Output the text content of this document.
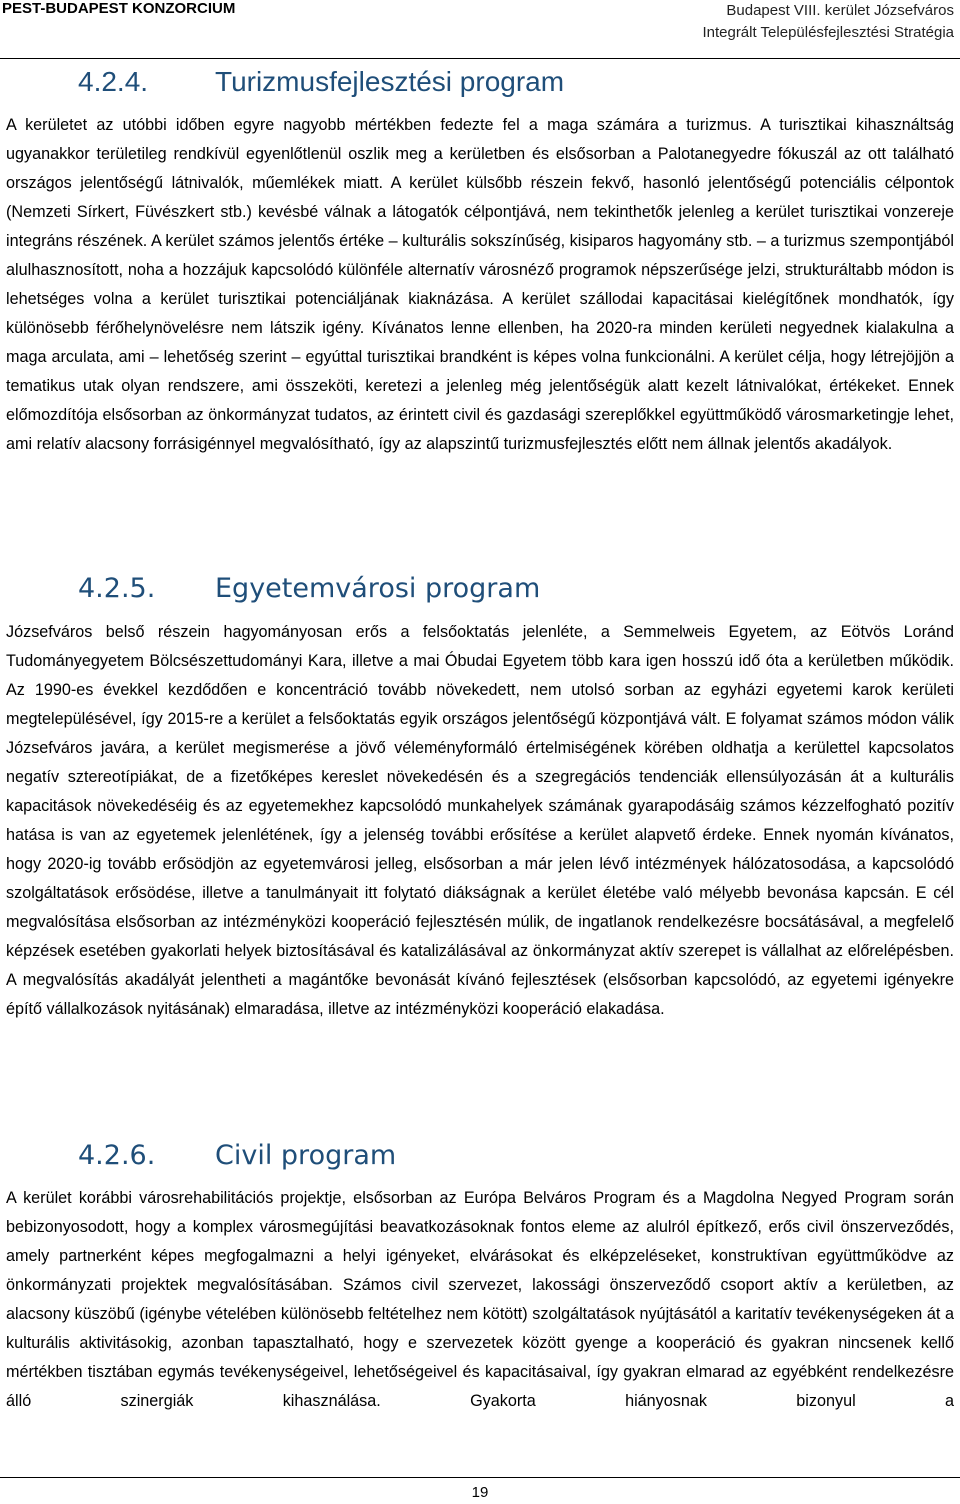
PEST-BUDAPEST KONZORCIUM	Budapest VIII. kerület Józsefváros
Integrált Településfejlesztési Stratégia
4.2.4. Turizmusfejlesztési program
A kerületet az utóbbi időben egyre nagyobb mértékben fedezte fel a maga számára a turizmus. A turisztikai kihasználtság ugyanakkor területileg rendkívül egyenlőtlenül oszlik meg a kerületben és elsősorban a Palotanegyedre fókuszál az ott található országos jelentőségű látnivalók, műemlékek miatt. A kerület külsőbb részein fekvő, hasonló jelentőségű potenciális célpontok (Nemzeti Sírkert, Füvészkert stb.) kevésbé válnak a látogatók célpontjává, nem tekinthetők jelenleg a kerület turisztikai vonzereje integráns részének. A kerület számos jelentős értéke – kulturális sokszínűség, kisiparos hagyomány stb. – a turizmus szempontjából alulhasznosított, noha a hozzájuk kapcsolódó különféle alternatív városnéző programok népszerűsége jelzi, strukturáltabb módon is lehetséges volna a kerület turisztikai potenciáljának kiaknázása. A kerület szállodai kapacitásai kielégítőnek mondhatók, így különösebb férőhelynövelésre nem látszik igény. Kívánatos lenne ellenben, ha 2020-ra minden kerületi negyednek kialakulna a maga arculata, ami – lehetőség szerint – egyúttal turisztikai brandként is képes volna funkcionálni. A kerület célja, hogy létrejöjjön a tematikus utak olyan rendszere, ami összeköti, keretezi a jelenleg még jelentőségük alatt kezelt látnivalókat, értékeket. Ennek előmozdítója elsősorban az önkormányzat tudatos, az érintett civil és gazdasági szereplőkkel együttműködő városmarketingje lehet, ami relatív alacsony forrásigénnyel megvalósítható, így az alapszintű turizmusfejlesztés előtt nem állnak jelentős akadályok.
4.2.5. Egyetemvárosi program
Józsefváros belső részein hagyományosan erős a felsőoktatás jelenléte, a Semmelweis Egyetem, az Eötvös Loránd Tudományegyetem Bölcsészettudományi Kara, illetve a mai Óbudai Egyetem több kara igen hosszú idő óta a kerületben működik. Az 1990-es évekkel kezdődően e koncentráció tovább növekedett, nem utolsó sorban az egyházi egyetemi karok kerületi megtelepülésével, így 2015-re a kerület a felsőoktatás egyik országos jelentőségű központjává vált. E folyamat számos módon válik Józsefváros javára, a kerület megismerése a jövő véleményformáló értelmiségének körében oldhatja a kerülettel kapcsolatos negatív sztereotípiákat, de a fizetőképes kereslet növekedésén és a szegregációs tendenciák ellensúlyozásán át a kulturális kapacitások növekedéséig és az egyetemekhez kapcsolódó munkahelyek számának gyarapodásáig számos kézzelfogható pozitív hatása is van az egyetemek jelenlétének, így a jelenség további erősítése a kerület alapvető érdeke. Ennek nyomán kívánatos, hogy 2020-ig tovább erősödjön az egyetemvárosi jelleg, elsősorban a már jelen lévő intézmények hálózatosodása, a kapcsolódó szolgáltatások erősödése, illetve a tanulmányait itt folytató diákságnak a kerület életébe való mélyebb bevonása kapcsán. E cél megvalósítása elsősorban az intézményközi kooperáció fejlesztésén múlik, de ingatlanok rendelkezésre bocsátásával, a megfelelő képzések esetében gyakorlati helyek biztosításával és katalizálásával az önkormányzat aktív szerepet is vállalhat az előrelépésben. A megvalósítás akadályát jelentheti a magántőke bevonását kívánó fejlesztések (elsősorban kapcsolódó, az egyetemi igényekre építő vállalkozások nyitásának) elmaradása, illetve az intézményközi kooperáció elakadása.
4.2.6. Civil program
A kerület korábbi városrehabilitációs projektje, elsősorban az Európa Belváros Program és a Magdolna Negyed Program során bebizonyosodott, hogy a komplex városmegújítási beavatkozásoknak fontos eleme az alulról építkező, erős civil önszerveződés, amely partnerként képes megfogalmazni a helyi igényeket, elvárásokat és elképzeléseket, konstruktívan együttműködve az önkormányzati projektek megvalósításában. Számos civil szervezet, lakossági önszerveződő csoport aktív a kerületben, az alacsony küszöbű (igénybe vételében különösebb feltételhez nem kötött) szolgáltatások nyújtásától a karitatív tevékenységeken át a kulturális aktivitásokig, azonban tapasztalható, hogy e szervezetek között gyenge a kooperáció és gyakran nincsenek kellő mértékben tisztában egymás tevékenységeivel, lehetőségeivel és kapacitásaival, így gyakran elmarad az egyébként rendelkezésre álló szinergiák kihasználása. Gyakorta hiányosnak bizonyul a
19
